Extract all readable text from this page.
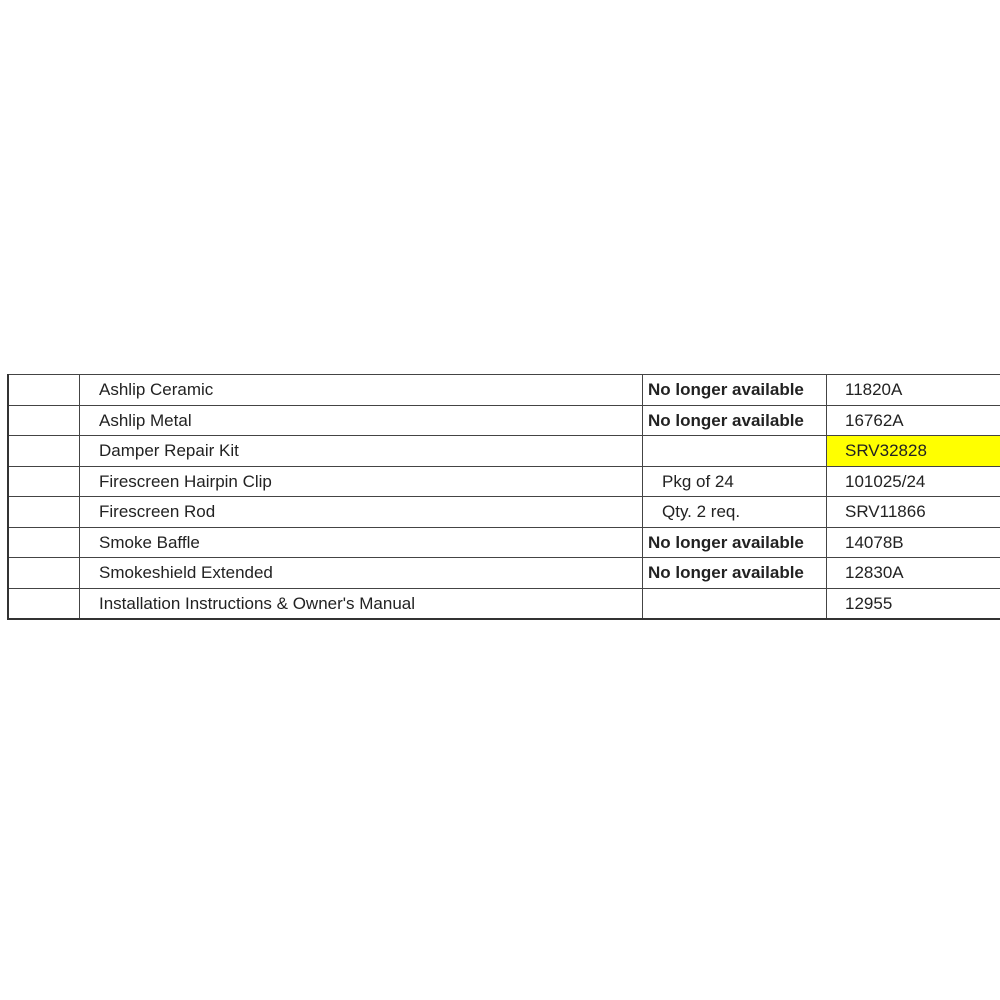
	Ashlip Ceramic	No longer available	11820A	
	Ashlip Metal	No longer available	16762A	
	Damper Repair Kit		SRV32828	
	Firescreen Hairpin Clip	Pkg of 24	101025/24	
	Firescreen Rod	Qty. 2 req.	SRV11866	
	Smoke Baffle	No longer available	14078B	
	Smokeshield Extended	No longer available	12830A	
	Installation Instructions & Owner's Manual		12955	
